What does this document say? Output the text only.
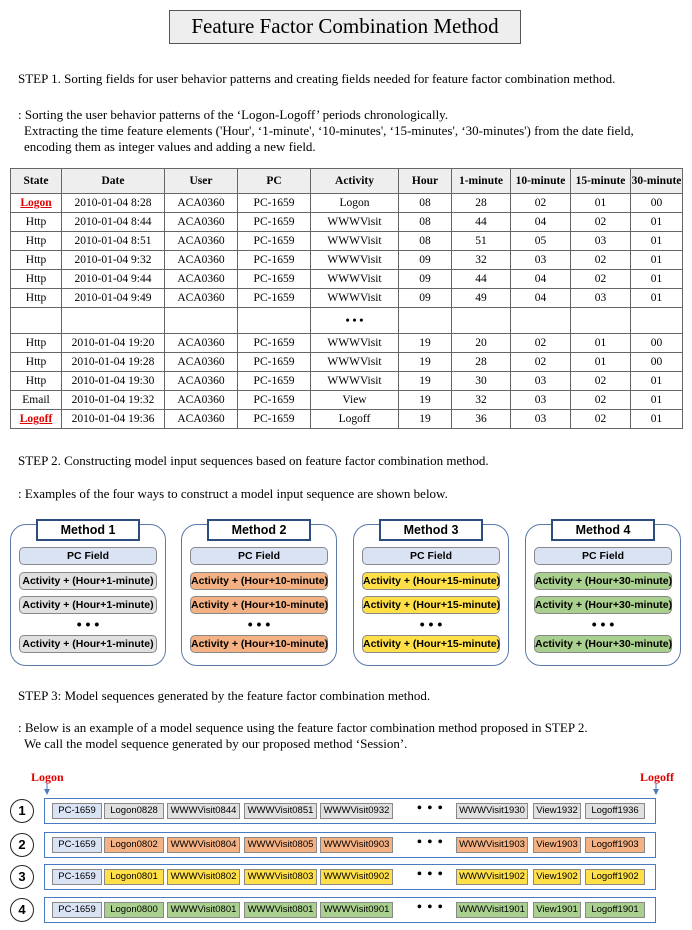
Feature Factor Combination Method
STEP 1. Sorting fields for user behavior patterns and creating fields needed for feature factor combination method.
: Sorting the user behavior patterns of the ‘Logon-Logoff’ periods chronologically.
Extracting the time feature elements ('Hour', ‘1-minute', ‘10-minutes', ‘15-minutes', ‘30-minutes') from the date field,
encoding them as integer values and adding a new field.
State	Date	User	PC	Activity	Hour	1-minute	10-minute	15-minute	30-minute
Logon	2010-01-04 8:28	ACA0360	PC-1659	Logon	08	28	02	01	00
Http	2010-01-04 8:44	ACA0360	PC-1659	WWWVisit	08	44	04	02	01
Http	2010-01-04 8:51	ACA0360	PC-1659	WWWVisit	08	51	05	03	01
Http	2010-01-04 9:32	ACA0360	PC-1659	WWWVisit	09	32	03	02	01
Http	2010-01-04 9:44	ACA0360	PC-1659	WWWVisit	09	44	04	02	01
Http	2010-01-04 9:49	ACA0360	PC-1659	WWWVisit	09	49	04	03	01
				• • •					
Http	2010-01-04 19:20	ACA0360	PC-1659	WWWVisit	19	20	02	01	00
Http	2010-01-04 19:28	ACA0360	PC-1659	WWWVisit	19	28	02	01	00
Http	2010-01-04 19:30	ACA0360	PC-1659	WWWVisit	19	30	03	02	01
Email	2010-01-04 19:32	ACA0360	PC-1659	View	19	32	03	02	01
Logoff	2010-01-04 19:36	ACA0360	PC-1659	Logoff	19	36	03	02	01
STEP 2. Constructing model input sequences based on feature factor combination method.
: Examples of the four ways to construct a model input sequence are shown below.
PC Field
Activity + (Hour+1-minute)
Activity + (Hour+1-minute)
Activity + (Hour+1-minute)
• • •
Method 1
PC Field
Activity + (Hour+10-minute)
Activity + (Hour+10-minute)
Activity + (Hour+10-minute)
• • •
Method 2
PC Field
Activity + (Hour+15-minute)
Activity + (Hour+15-minute)
Activity + (Hour+15-minute)
• • •
Method 3
PC Field
Activity + (Hour+30-minute)
Activity + (Hour+30-minute)
Activity + (Hour+30-minute)
• • •
Method 4
STEP 3: Model sequences generated by the feature factor combination method.
: Below is an example of a model sequence using the feature factor combination method proposed in STEP 2.
We call the model sequence generated by our proposed method ‘Session’.
Logon	Logoff
1	PC-1659	Logon0828	WWWVisit0844	WWWVisit0851	WWWVisit0932	WWWVisit1930	View1932	Logoff1936
• • •
2	PC-1659	Logon0802	WWWVisit0804	WWWVisit0805	WWWVisit0903	WWWVisit1903	View1903	Logoff1903
• • •
3	PC-1659	Logon0801	WWWVisit0802	WWWVisit0803	WWWVisit0902	WWWVisit1902	View1902	Logoff1902
• • •
4	PC-1659	Logon0800	WWWVisit0801	WWWVisit0801	WWWVisit0901	WWWVisit1901	View1901	Logoff1901
• • •
